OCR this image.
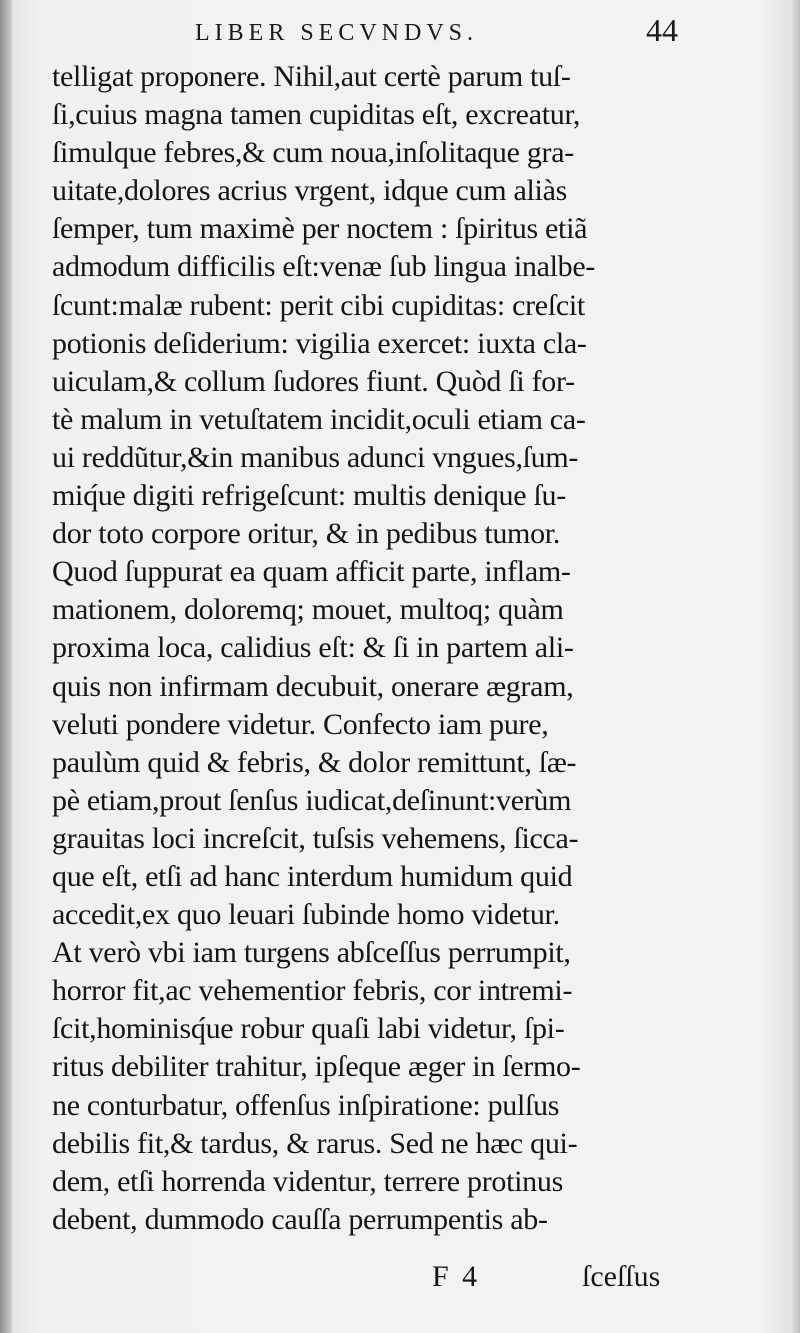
LIBER SECVNDVS.	44
telligat proponere. Nihil,aut certè parum tuſ-
ſi,cuius magna tamen cupiditas eſt, excreatur,
ſimulque febres,& cum noua,inſolitaque gra-
uitate,dolores acrius vrgent, idque cum aliàs
ſemper, tum maximè per noctem : ſpiritus etiã
admodum difficilis eſt:venæ ſub lingua inalbe-
ſcunt:malæ rubent: perit cibi cupiditas: creſcit
potionis deſiderium: vigilia exercet: iuxta cla-
uiculam,& collum ſudores fiunt. Quòd ſi for-
tè malum in vetuſtatem incidit,oculi etiam ca-
ui reddũtur,&in manibus adunci vngues,ſum-
miq́ue digiti refrigeſcunt: multis denique ſu-
dor toto corpore oritur, & in pedibus tumor.
Quod ſuppurat ea quam afficit parte, inflam-
mationem, doloremq; mouet, multoq; quàm
proxima loca, calidius eſt: & ſi in partem ali-
quis non infirmam decubuit, onerare ægram,
veluti pondere videtur. Confecto iam pure,
paulùm quid & febris, & dolor remittunt, ſæ-
pè etiam,prout ſenſus iudicat,deſinunt:verùm
grauitas loci increſcit, tuſsis vehemens, ſicca-
que eſt, etſi ad hanc interdum humidum quid
accedit,ex quo leuari ſubinde homo videtur.
At verò vbi iam turgens abſceſſus perrumpit,
horror fit,ac vehementior febris, cor intremi-
ſcit,hominisq́ue robur quaſi labi videtur, ſpi-
ritus debiliter trahitur, ipſeque æger in ſermo-
ne conturbatur, offenſus inſpiratione: pulſus
debilis fit,& tardus, & rarus. Sed ne hæc qui-
dem, etſi horrenda videntur, terrere protinus
debent, dummodo cauſſa perrumpentis ab-
F 4	ſceſſus
